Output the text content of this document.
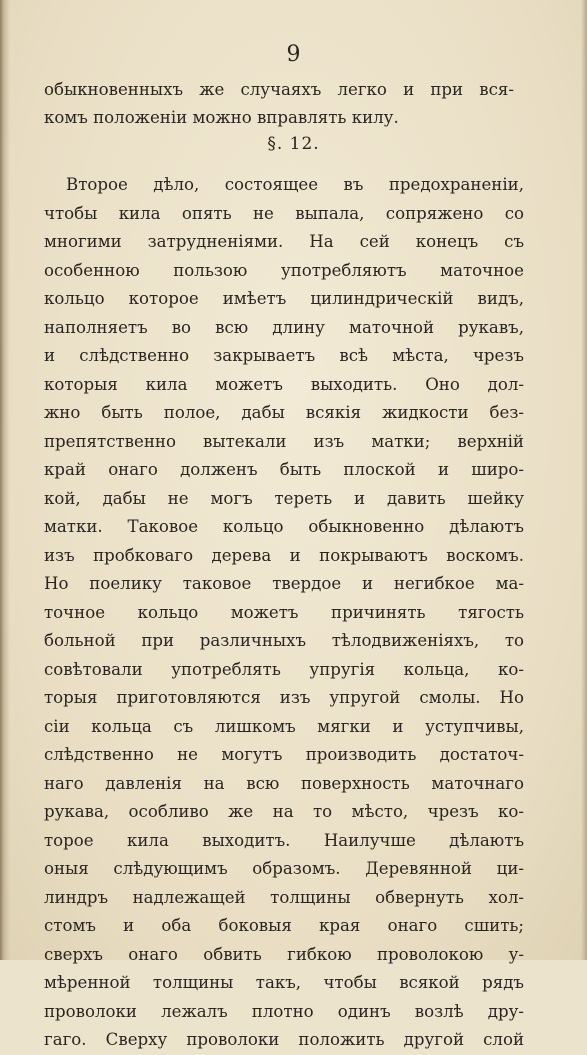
9
обыкновенныхъ же случаяхъ легко и при вся-
комъ положеніи можно вправлять килу.
§. 12.
Второе дѣло, состоящее въ предохраненіи,
чтобы кила опять не выпала, сопряжено со
многими затрудненіями. На сей конецъ съ
особенною пользою употребляютъ маточное
кольцо которое имѣетъ цилиндрическій видъ,
наполняетъ во всю длину маточной рукавъ,
и слѣдственно закрываетъ всѣ мѣста, чрезъ
которыя кила можетъ выходить. Оно дол-
жно быть полое, дабы всякія жидкости без-
препятственно вытекали изъ матки; верхній
край онаго долженъ быть плоской и широ-
кой, дабы не могъ тереть и давить шейку
матки. Таковое кольцо обыкновенно дѣлаютъ
изъ пробковаго дерева и покрываютъ воскомъ.
Но поелику таковое твердое и негибкое ма-
точное кольцо можетъ причинять тягость
больной при различныхъ тѣлодвиженіяхъ, то
совѣтовали употреблять упругія кольца, ко-
торыя приготовляются изъ упругой смолы. Но
сіи кольца съ лишкомъ мягки и уступчивы,
слѣдственно не могутъ производить достаточ-
наго давленія на всю поверхность маточнаго
рукава, особливо же на то мѣсто, чрезъ ко-
торое кила выходитъ. Наилучше дѣлаютъ
оныя слѣдующимъ образомъ. Деревянной ци-
линдръ надлежащей толщины обвернуть хол-
стомъ и оба боковыя края онаго сшить;
сверхъ онаго обвить гибкою проволокою у-
мѣренной толщины такъ, чтобы всякой рядъ
проволоки лежалъ плотно одинъ возлѣ дру-
гаго. Сверху проволоки положить другой слой
